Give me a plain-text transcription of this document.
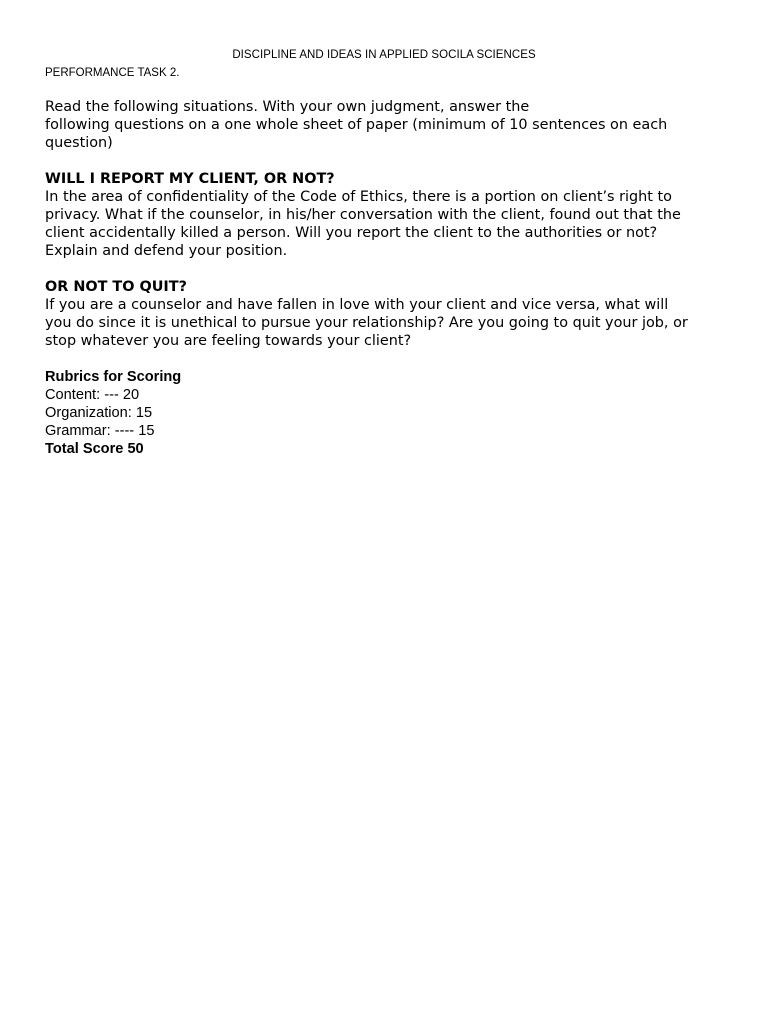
DISCIPLINE AND IDEAS IN APPLIED SOCILA SCIENCES
PERFORMANCE TASK 2.
Read the following situations. With your own judgment, answer the
following questions on a one whole sheet of paper (minimum of 10 sentences on each
question)
WILL I REPORT MY CLIENT, OR NOT?
In the area of confidentiality of the Code of Ethics, there is a portion on client’s right to
privacy. What if the counselor, in his/her conversation with the client, found out that the
client accidentally killed a person. Will you report the client to the authorities or not?
Explain and defend your position.
OR NOT TO QUIT?
If you are a counselor and have fallen in love with your client and vice versa, what will
you do since it is unethical to pursue your relationship? Are you going to quit your job, or
stop whatever you are feeling towards your client?
Rubrics for Scoring
Content: --- 20
Organization: 15
Grammar: ---- 15
Total Score 50
